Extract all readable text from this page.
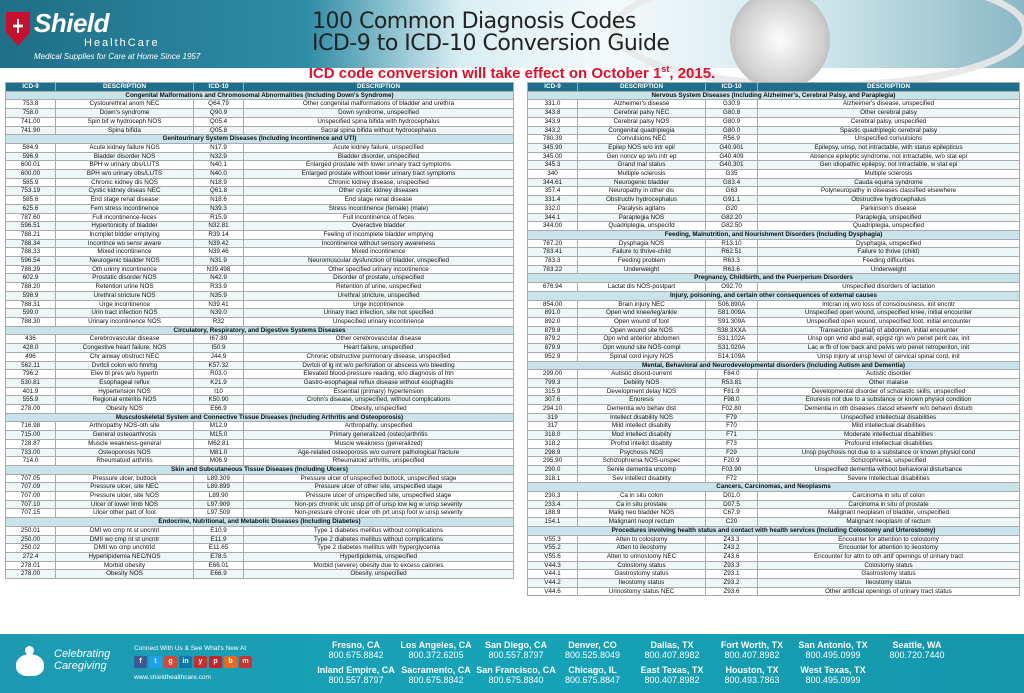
Shield
HealthCare
Medical Supplies for Care at Home Since 1957
100 Common Diagnosis Codes
ICD-9 to ICD-10 Conversion Guide
ICD code conversion will take effect on October 1st, 2015.
ICD-9	DESCRIPTION	ICD-10	DESCRIPTION
Congenital Malformations and Chromosomal Abnormalities (Including Down's Syndrome)			
753.8	Cystourethral anom NEC	Q64.79	Other congenital malformations of bladder and urethra
758.0	Down's syndrome	Q90.9	Down syndrome, unspecified
741.00	Spin bif w hydroceph NOS	Q05.4	Unspecified spina bifida with hydrocephalus
741.90	Spina bifida	Q05.8	Sacral spina bifida without hydrocephalus
Genitourinary System Diseases (Including Incontinence and UTI)			
584.9	Acute kidney failure NOS	N17.9	Acute kidney failure, unspecified
596.9	Bladder disorder NOS	N32.9	Bladder disorder, unspecified
600.01	BPH w urinary obs/LUTS	N40.1	Enlarged prostate with lower urinary tract symptoms
600.00	BPH w/o urinary obs/LUTS	N40.0	Enlarged prostate without lower urinary tract symptoms
585.9	Chronic kidney dis NOS	N18.9	Chronic kidney disease, unspecified
753.19	Cystic kidney diseas NEC	Q61.8	Other cystic kidney diseases
585.6	End stage renal disease	N18.6	End stage renal disease
625.6	Fem stress incontinence	N39.3	Stress incontinence (female) (male)
787.60	Full incontinence-feces	R15.9	Full incontinence of feces
596.51	Hypertonicity of bladder	N32.81	Overactive bladder
788.21	Incmplet bldder emptying	R39.14	Feeling of incomplete bladder emptying
788.34	Incontnce wo sensr aware	N39.42	Incontinence without sensory awareness
788.33	Mixed incontinence	N39.46	Mixed incontinence
596.54	Neurogenic bladder NOS	N31.9	Neuromuscular dysfunction of bladder, unspecified
788.39	Oth urinry incontinence	N39.498	Other specified urinary incontinence
602.9	Prostatic disorder NOS	N42.9	Disorder of prostate, unspecified
788.20	Retention urine NOS	R33.9	Retention of urine, unspecified
598.9	Urethral stricture NOS	N35.9	Urethral stricture, unspecified
788.31	Urge incontinence	N39.41	Urge incontinence
599.0	Urin tract infection NOS	N39.0	Urinary tract infection, site not specified
788.30	Urinary incontinence NOS	R32	Unspecified urinary incontinence
Circulatory, Respiratory, and Digestive Systems Diseases			
436	Cerebrovascular disease	I67.89	Other cerebrovascular disease
428.0	Congestive heart failure, NOS	I50.9	Heart failure, unspecified
496	Chr airway obstruct NEC	J44.9	Chronic obstructive pulmonary disease, unspecified
562.11	Dvrtcli colon w/o hmrhg	K57.32	Dvrtcli of lg int w/o perforation or abscess w/o bleeding
796.2	Elev bl pres w/o hypertn	R03.0	Elevated blood-pressure reading, w/o diagnosis of htn
530.81	Esophageal reflux	K21.9	Gastro-esophageal reflux disease without esophagitis
401.9	Hypertension NOS	I10	Essential (primary) hypertension
555.9	Regional enteritis NOS	K50.90	Crohn's disease, unspecified, without complications
278.00	Obesity NOS	E66.9	Obesity, unspecified
Musculoskeletal System and Connective Tissue Diseases (Including Arthritis and Osteoporosis)			
716.98	Arthropathy NOS-oth site	M12.9	Arthropathy, unspecified
715.00	General osteoarthrosis	M15.0	Primary generalized (osteo)arthritis
728.87	Muscle weakness-general	M62.81	Muscle weakness (generalized)
733.00	Osteoporosis NOS	M81.0	Age-related osteoporosis w/o current pathological fracture
714.0	Rheumatoid arthritis	M06.9	Rheumatoid arthritis, unspecified
Skin and Subcutaneous Tissue Diseases (Including Ulcers)			
707.05	Pressure ulcer, buttock	L89.309	Pressure ulcer of unspecified buttock, unspecified stage
707.09	Pressure ulcer, site NEC	L89.899	Pressure ulcer of other site, unspecified stage
707.00	Pressure ulcer, site NOS	L89.90	Pressure ulcer of unspecified site, unspecified stage
707.10	Ulcer of lower limb NOS	L97.909	Non-prs chronic ulc unsp prt of unsp low leg w unsp severity
707.15	Ulcer other part of foot	L97.509	Non-pressure chronic ulcer oth prt unsp foot w unsp severity
Endocrine, Nutritional, and Metabolic Diseases (Including Diabetes)			
250.01	DMI wo cmp nt st uncntrl	E10.9	Type 1 diabetes mellitus without complications
250.00	DMII wo cmp nt st uncntr	E11.9	Type 2 diabetes mellitus without complications
250.02	DMII wo cmp uncntrld	E11.65	Type 2 diabetes mellitus with hyperglycemia
272.4	Hyperlipidemia NEC/NOS	E78.5	Hyperlipidemia, unspecified
278.01	Morbid obesity	E66.01	Morbid (severe) obesity due to excess calories
278.00	Obesity NOS	E66.9	Obesity, unspecified
ICD-9	DESCRIPTION	ICD-10	DESCRIPTION
Nervous System Diseases (Including Alzheimer's, Cerebral Palsy, and Paraplegia)			
331.0	Alzheimer's disease	G30.9	Alzheimer's disease, unspecified
343.8	Cerebral palsy NEC	G80.8	Other cerebral palsy
343.9	Cerebral palsy NOS	G80.9	Cerebral palsy, unspecified
343.2	Congenital quadriplegia	G80.0	Spastic quadriplegic cerebral palsy
780.39	Convulsions NEC	R56.9	Unspecified convulsions
345.90	Epilep NOS w/o intr epil	G40.901	Epilepsy, unsp, not intractable, with status epilepticus
345.00	Gen noncv ep w/o intr ep	G40.409	Absence epileptic syndrome, not intractable, w/o stat epi
345.3	Grand mal status	G40.301	Gen idiopathic epilepsy, not intractable, w stat epi
340	Multiple sclerosis	G35	Multiple sclerosis
344.61	Neurogenic bladder	G83.4	Cauda equina syndrome
357.4	Neuropathy in other dis	G63	Polyneuropathy in diseases classified elsewhere
331.4	Obstructiv hydrocephalus	G91.1	Obstructive hydrocephalus
332.0	Paralysis agitans	G20	Parkinson's disease
344.1	Paraplegia NOS	G82.20	Paraplegia, unspecified
344.00	Quadriplegia, unspecifd	G82.50	Quadriplegia, unspecified
Feeding, Malnutrition, and Nourishment Disorders (Including Dysphagia)			
787.20	Dysphagia NOS	R13.10	Dysphagia, unspecified
783.41	Failure to thrive-child	R62.51	Failure to thrive (child)
783.3	Feeding problem	R63.3	Feeding difficulties
783.22	Underweight	R63.6	Underweight
Pregnancy, Childbirth, and the Puerperium Disorders			
676.94	Lactat dis NOS-postpart	O92.70	Unspecified disorders of lactation
Injury, poisoning, and certain other consequences of external causes			
854.00	Brain injury NEC	S06.890A	Intcran inj w/o loss of consciousness, init encntr
891.0	Open wnd knee/leg/ankle	S81.009A	Unspecified open wound, unspecified knee, initial encounter
892.0	Open wound of foot	S91.309A	Unspecified open wound, unspecified foot, initial encounter
879.8	Open wound site NOS	S38.3XXA	Transection (partial) of abdomen, initial encounter
879.2	Opn wnd anterior abdomen	S31.102A	Unsp opn wnd abd wall, epigst rgn w/o penet perit cav, init
879.9	Opn wound site NOS-compl	S31.020A	Lac w fb of low back and pelvis w/o penet retroperiton, init
952.9	Spinal cord injury NOS	S14.109A	Unsp injury at unsp level of cervical spinal cord, init
Mental, Behavioral and Neurodevelopmental disorders (Including Autism and Dementia)			
299.00	Autistic disord-current	F84.0	Autistic disorder
799.3	Debility NOS	R53.81	Other malaise
315.9	Development delay NOS	F81.9	Developmental disorder of scholastic skills, unspecified
307.6	Enuresis	F98.0	Enuresis not due to a substance or known physiol condition
294.10	Dementia w/o behav dist	F02.80	Dementia in oth diseases classd elsewhr w/o behavri disturb
319	Intellect disability NOS	F79	Unspecified intellectual disabilities
317	Mild intellect disabilty	F70	Mild intellectual disabilities
318.0	Mod intellect disabilty	F71	Moderate intellectual disabilities
318.2	Profnd intellct disablty	F73	Profound intellectual disabilities
298.9	Psychosis NOS	F29	Unsp psychosis not due to a substance or known physiol cond
295.90	Schizophrenia NOS-unspec	F20.9	Schizophrenia, unspecified
290.0	Senile dementia uncomp	F03.90	Unspecified dementia without behavioral disturbance
318.1	Sev intellect disabilty	F72	Severe intellectual disabilities
Cancers, Carcinomas, and Neoplasms			
230.3	Ca in situ colon	D01.0	Carcinoma in situ of colon
233.4	Ca in situ prostate	D07.5	Carcinoma in situ of prostate
188.9	Malig neo bladder NOS	C67.9	Malignant neoplasm of bladder, unspecified
154.1	Malignant neopl rectum	C20	Malignant neoplasm of rectum
Procedures involving health status and contact with health services (Including Colostomy and Urterostomy)			
V55.3	Atten to colostomy	Z43.3	Encounter for attention to colostomy
V55.2	Atten to ileostomy	Z43.2	Encounter for attention to ileostomy
V55.6	Atten to urinostomy NEC	Z43.6	Encounter for attn to oth artif openings of urinary tract
V44.3	Colostomy status	Z93.3	Colostomy status
V44.1	Gastrostomy status	Z93.1	Gastrostomy status
V44.2	Ileostomy status	Z93.2	Ileostomy status
V44.6	Urinostomy status NEC	Z93.6	Other artificial openings of urinary tract status
Celebrating
Caregiving
Connect With Us & See What's New At
f	t	g	in	y	p	b	m
www.shieldhealthcare.com
Fresno, CA
800.675.8842
Inland Empire, CA
800.557.8797
Los Angeles, CA
800.372.6205
Sacramento, CA
800.675.8842
San Diego, CA
800.557.8797
San Francisco, CA
800.675.8840
Denver, CO
800.525.8049
Chicago, IL
800.675.8847
Dallas, TX
800.407.8982
East Texas, TX
800.407.8982
Fort Worth, TX
800.407.8982
Houston, TX
800.493.7863
San Antonio, TX
800.495.0999
West Texas, TX
800.495.0999
Seattle, WA
800.720.7440
